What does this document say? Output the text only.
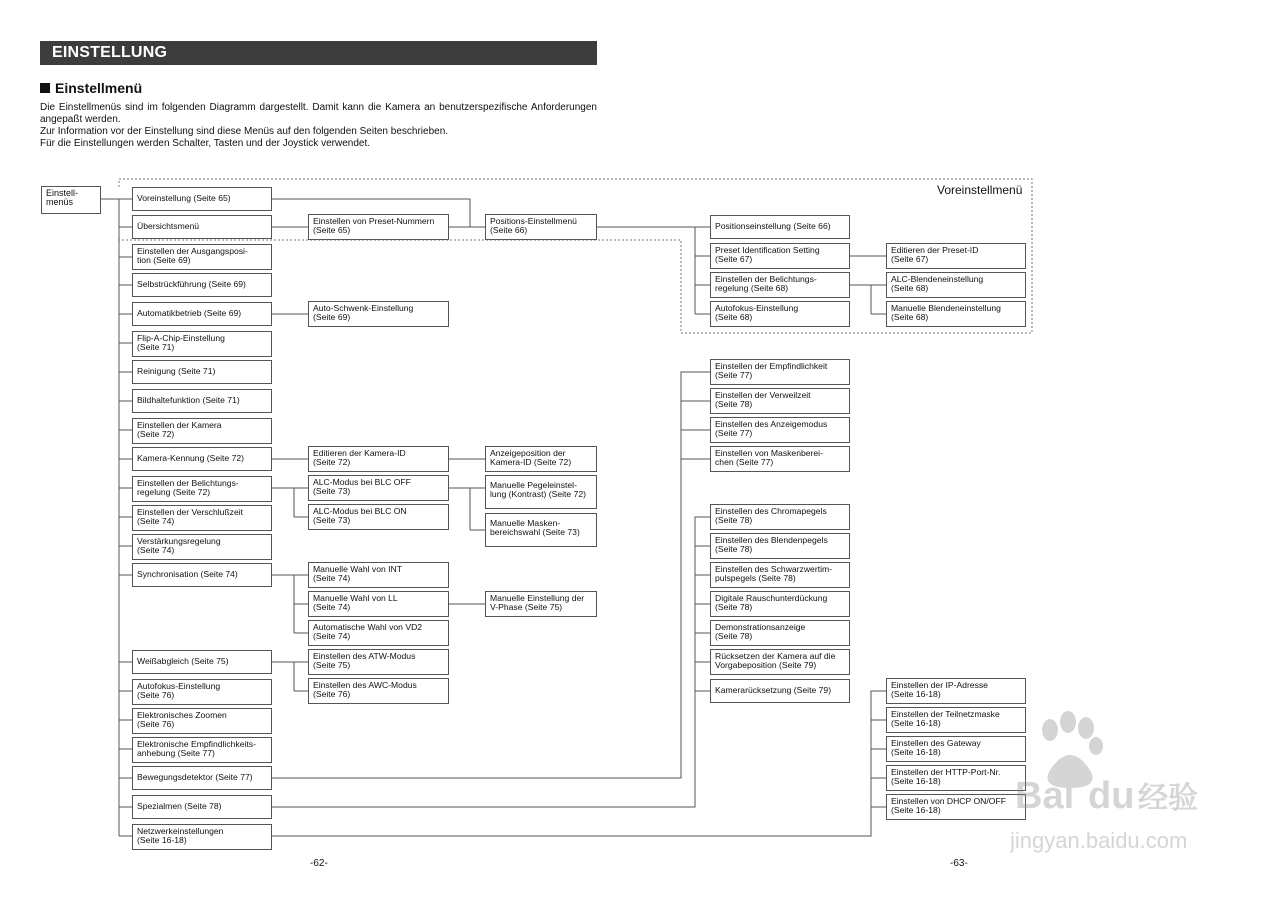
EINSTELLUNG
Einstellmenü

Die Einstellmenüs sind im folgenden Diagramm dargestellt. Damit kann die Kamera an benutzerspezifische Anforderungen angepaßt werden.

Zur Information vor der Einstellung sind diese Menüs auf den folgenden Seiten beschrieben.

Für die Einstellungen werden Schalter, Tasten und der Joystick verwendet.

Voreinstellmenü
Einstell-
menüs	Voreinstellung (Seite 65)
Übersichtsmenü
Einstellen der Ausgangsposi-
tion (Seite 69)
Selbstrückführung (Seite 69)
Automatikbetrieb (Seite 69)
Flip-A-Chip-Einstellung
(Seite 71)
Reinigung (Seite 71)
Bildhaltefunktion (Seite 71)
Einstellen der Kamera
(Seite 72)
Kamera-Kennung (Seite 72)
Einstellen der Belichtungs-
regelung (Seite 72)
Einstellen der Verschlußzeit
(Seite 74)
Verstärkungsregelung
(Seite 74)
Synchronisation (Seite 74)
Weißabgleich (Seite 75)
Autofokus-Einstellung
(Seite 76)
Elektronisches Zoomen
(Seite 76)
Elektronische Empfindlichkeits-
anhebung (Seite 77)
Bewegungsdetektor (Seite 77)
Spezialmen (Seite 78)
Netzwerkeinstellungen
(Seite 16-18)
Einstellen von Preset-Nummern
(Seite 65)
Auto-Schwenk-Einstellung
(Seite 69)
Editieren der Kamera-ID
(Seite 72)
ALC-Modus bei BLC OFF
(Seite 73)
ALC-Modus bei BLC ON
(Seite 73)
Manuelle Wahl von INT
(Seite 74)
Manuelle Wahl von LL
(Seite 74)
Automatische Wahl von VD2
(Seite 74)
Einstellen des ATW-Modus
(Seite 75)
Einstellen des AWC-Modus
(Seite 76)
Positions-Einstellmenü
(Seite 66)
Anzeigeposition der
Kamera-ID (Seite 72)
Manuelle Pegeleinstel-
lung (Kontrast) (Seite 72)
Manuelle Masken-
bereichswahl (Seite 73)
Manuelle Einstellung der
V-Phase (Seite 75)
Positionseinstellung (Seite 66)
Preset Identification Setting
(Seite 67)
Einstellen der Belichtungs-
regelung (Seite 68)
Autofokus-Einstellung
(Seite 68)
Editieren der Preset-ID
(Seite 67)
ALC-Blendeneinstellung
(Seite 68)
Manuelle Blendeneinstellung
(Seite 68)
Einstellen der Empfindlichkeit
(Seite 77)
Einstellen der Verweilzeit
(Seite 78)
Einstellen des Anzeigemodus
(Seite 77)
Einstellen von Maskenberei-
chen (Seite 77)
Einstellen des Chromapegels
(Seite 78)
Einstellen des Blendenpegels
(Seite 78)
Einstellen des Schwarzwertim-
pulspegels (Seite 78)
Digitale Rauschunterdückung
(Seite 78)
Demonstrationsanzeige
(Seite 78)
Rücksetzen der Kamera auf die
Vorgabeposition (Seite 79)
Kamerarücksetzung (Seite 79)
Einstellen der IP-Adresse
(Seite 16-18)
Einstellen der Teilnetzmaske
(Seite 16-18)
Einstellen des Gateway
(Seite 16-18)
Einstellen der HTTP-Port-Nr.
(Seite 16-18)
Einstellen von DHCP ON/OFF
(Seite 16-18)
-62-	-63-
Bai du 经验
jingyan.baidu.com
